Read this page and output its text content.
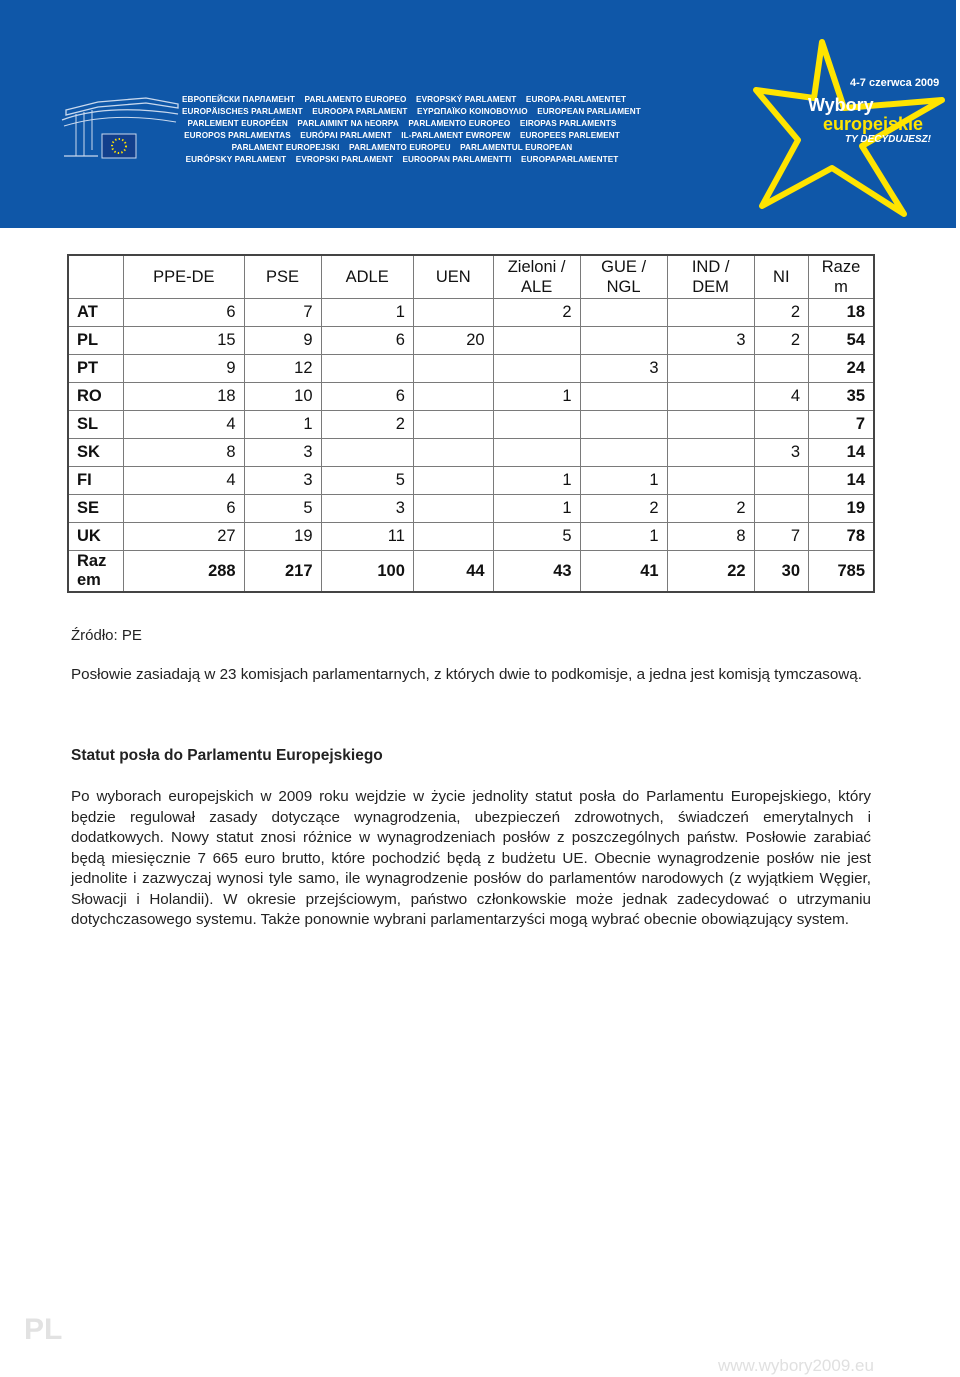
ЕВРОПЕЙСКИ ПАРЛАМЕНТ PARLAMENTO EUROPEO EVROPSKÝ PARLAMENT EUROPA-PARLAMENTET
EUROPÄISCHES PARLAMENT EUROOPA PARLAMENT ΕΥΡΩΠΑΪΚΟ ΚΟΙΝΟΒΟΥΛΙΟ EUROPEAN PARLIAMENT
PARLEMENT EUROPÉEN PARLAIMINT NA hEORPA PARLAMENTO EUROPEO EIROPAS PARLAMENTS
EUROPOS PARLAMENTAS EURÓPAI PARLAMENT IL-PARLAMENT EWROPEW EUROPEES PARLEMENT
PARLAMENT EUROPEJSKI PARLAMENTO EUROPEU PARLAMENTUL EUROPEAN
EURÓPSKY PARLAMENT EVROPSKI PARLAMENT EUROOPAN PARLAMENTTI EUROPAPARLAMENTET
4-7 czerwca 2009
Wybory
europejskie
TY DECYDUJESZ!
	PPE-DE	PSE	ADLE	UEN	Zieloni / ALE	GUE / NGL	IND / DEM	NI	Raze m
AT	6	7	1		2			2	18
PL	15	9	6	20			3	2	54
PT	9	12				3			24
RO	18	10	6		1			4	35
SL	4	1	2						7
SK	8	3						3	14
FI	4	3	5		1	1			14
SE	6	5	3		1	2	2		19
UK	27	19	11		5	1	8	7	78
Raz em	288	217	100	44	43	41	22	30	785
Źródło: PE
Posłowie zasiadają w 23 komisjach parlamentarnych, z których dwie to podkomisje, a jedna jest komisją tymczasową.
Statut posła do Parlamentu Europejskiego
Po wyborach europejskich w 2009 roku wejdzie w życie jednolity statut posła do Parlamentu Europejskiego, który będzie regulował zasady dotyczące wynagrodzenia, ubezpieczeń zdrowotnych, świadczeń emerytalnych i dodatkowych. Nowy statut znosi różnice w wynagrodzeniach posłów z poszczególnych państw. Posłowie zarabiać będą miesięcznie 7 665 euro brutto, które pochodzić będą z budżetu UE. Obecnie wynagrodzenie posłów nie jest jednolite i zazwyczaj wynosi tyle samo, ile wynagrodzenie posłów do parlamentów narodowych (z wyjątkiem Węgier, Słowacji i Holandii). W okresie przejściowym, państwo członkowskie może jednak zadecydować o utrzymaniu dotychczasowego systemu. Także ponownie wybrani parlamentarzyści mogą wybrać obecnie obowiązujący system.
PL
www.wybory2009.eu
